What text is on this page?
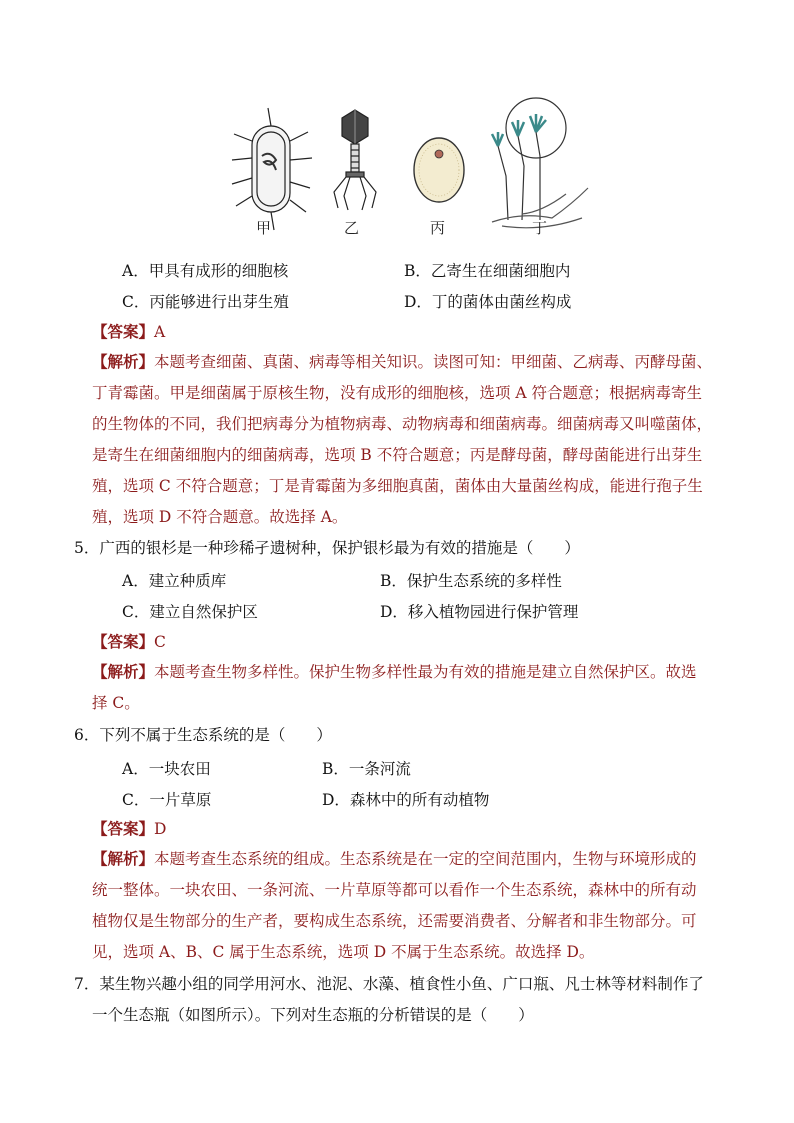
甲	乙	丙	丁
A．甲具有成形的细胞核	B．乙寄生在细菌细胞内
C．丙能够进行出芽生殖	D．丁的菌体由菌丝构成
【答案】A
【解析】本题考查细菌、真菌、病毒等相关知识。读图可知：甲细菌、乙病毒、丙酵母菌、
丁青霉菌。甲是细菌属于原核生物，没有成形的细胞核，选项 A 符合题意；根据病毒寄生
的生物体的不同，我们把病毒分为植物病毒、动物病毒和细菌病毒。细菌病毒又叫噬菌体，
是寄生在细菌细胞内的细菌病毒，选项 B 不符合题意；丙是酵母菌，酵母菌能进行出芽生
殖，选项 C 不符合题意；丁是青霉菌为多细胞真菌，菌体由大量菌丝构成，能进行孢子生
殖，选项 D 不符合题意。故选择 A。
5．广西的银杉是一种珍稀孑遗树种，保护银杉最为有效的措施是（　　）
A．建立种质库	B．保护生态系统的多样性
C．建立自然保护区	D．移入植物园进行保护管理
【答案】C
【解析】本题考查生物多样性。保护生物多样性最为有效的措施是建立自然保护区。故选
择 C。
6．下列不属于生态系统的是（　　）
A．一块农田	B．一条河流
C．一片草原	D．森林中的所有动植物
【答案】D
【解析】本题考查生态系统的组成。生态系统是在一定的空间范围内，生物与环境形成的
统一整体。一块农田、一条河流、一片草原等都可以看作一个生态系统，森林中的所有动
植物仅是生物部分的生产者，要构成生态系统，还需要消费者、分解者和非生物部分。可
见，选项 A、B、C 属于生态系统，选项 D 不属于生态系统。故选择 D。
7．某生物兴趣小组的同学用河水、池泥、水藻、植食性小鱼、广口瓶、凡士林等材料制作了
一个生态瓶（如图所示）。下列对生态瓶的分析错误的是（　　）
